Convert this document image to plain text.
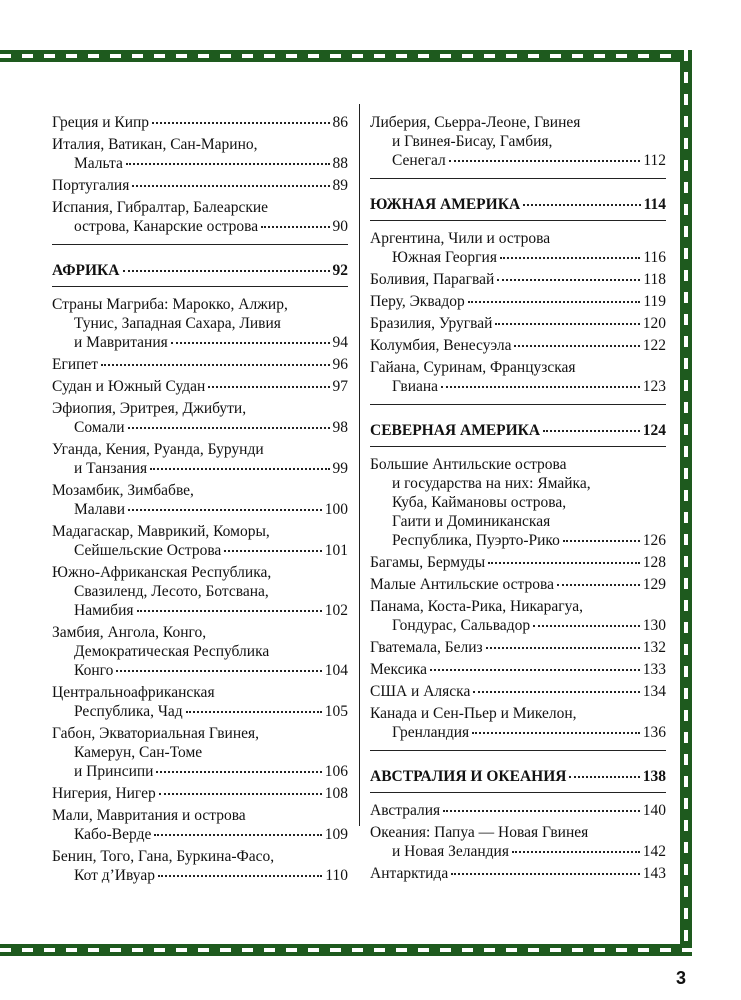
Греция и Кипр	86
Италия, Ватикан, Сан-Марино,
Мальта	88
Португалия	89
Испания, Гибралтар, Балеарские
острова, Канарские острова	90
АФРИКА	92
Страны Магриба: Марокко, Алжир,
Тунис, Западная Сахара, Ливия
и Мавритания	94
Египет	96
Судан и Южный Судан	97
Эфиопия, Эритрея, Джибути,
Сомали	98
Уганда, Кения, Руанда, Бурунди
и Танзания	99
Мозамбик, Зимбабве,
Малави	100
Мадагаскар, Маврикий, Коморы,
Сейшельские Острова	101
Южно-Африканская Республика,
Свазиленд, Лесото, Ботсвана,
Намибия	102
Замбия, Ангола, Конго,
Демократическая Республика
Конго	104
Центральноафриканская
Республика, Чад	105
Габон, Экваториальная Гвинея,
Камерун, Сан-Томе
и Принсипи	106
Нигерия, Нигер	108
Мали, Мавритания и острова
Кабо-Верде	109
Бенин, Того, Гана, Буркина-Фасо,
Кот д’Ивуар	110
Либерия, Сьерра-Леоне, Гвинея
и Гвинея-Бисау, Гамбия,
Сенегал	112
ЮЖНАЯ АМЕРИКА	114
Аргентина, Чили и острова
Южная Георгия	116
Боливия, Парагвай	118
Перу, Эквадор	119
Бразилия, Уругвай	120
Колумбия, Венесуэла	122
Гайана, Суринам, Французская
Гвиана	123
СЕВЕРНАЯ АМЕРИКА	124
Большие Антильские острова
и государства на них: Ямайка,
Куба, Каймановы острова,
Гаити и Доминиканская
Республика, Пуэрто-Рико	126
Багамы, Бермуды	128
Малые Антильские острова	129
Панама, Коста-Рика, Никарагуа,
Гондурас, Сальвадор	130
Гватемала, Белиз	132
Мексика	133
США и Аляска	134
Канада и Сен-Пьер и Микелон,
Гренландия	136
АВСТРАЛИЯ И ОКЕАНИЯ	138
Австралия	140
Океания: Папуа — Новая Гвинея
и Новая Зеландия	142
Антарктида	143
3
